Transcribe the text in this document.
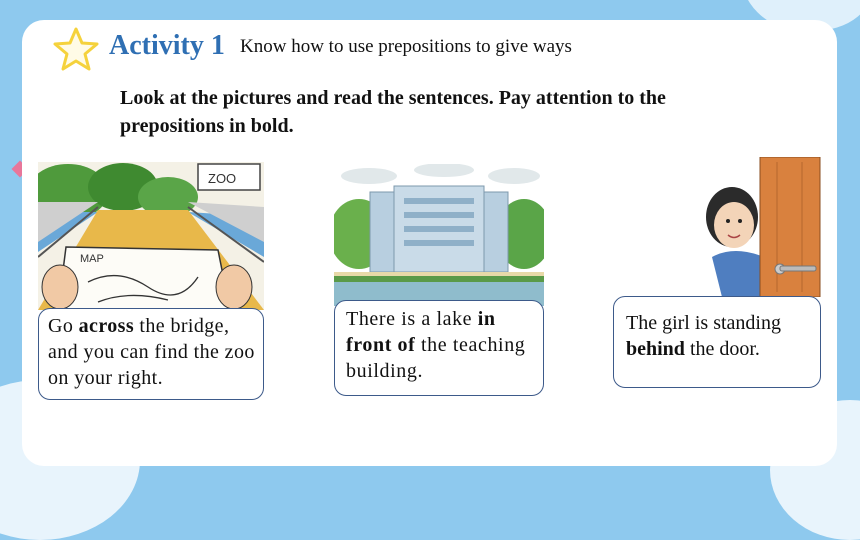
Activity 1 Know how to use prepositions to give ways
Look at the pictures and read the sentences. Pay attention to the prepositions in bold.
ZOO
MAP
Go across the bridge, and you can find the zoo on your right.
There is a lake in front of the teaching building.
The girl is standing behind the door.
